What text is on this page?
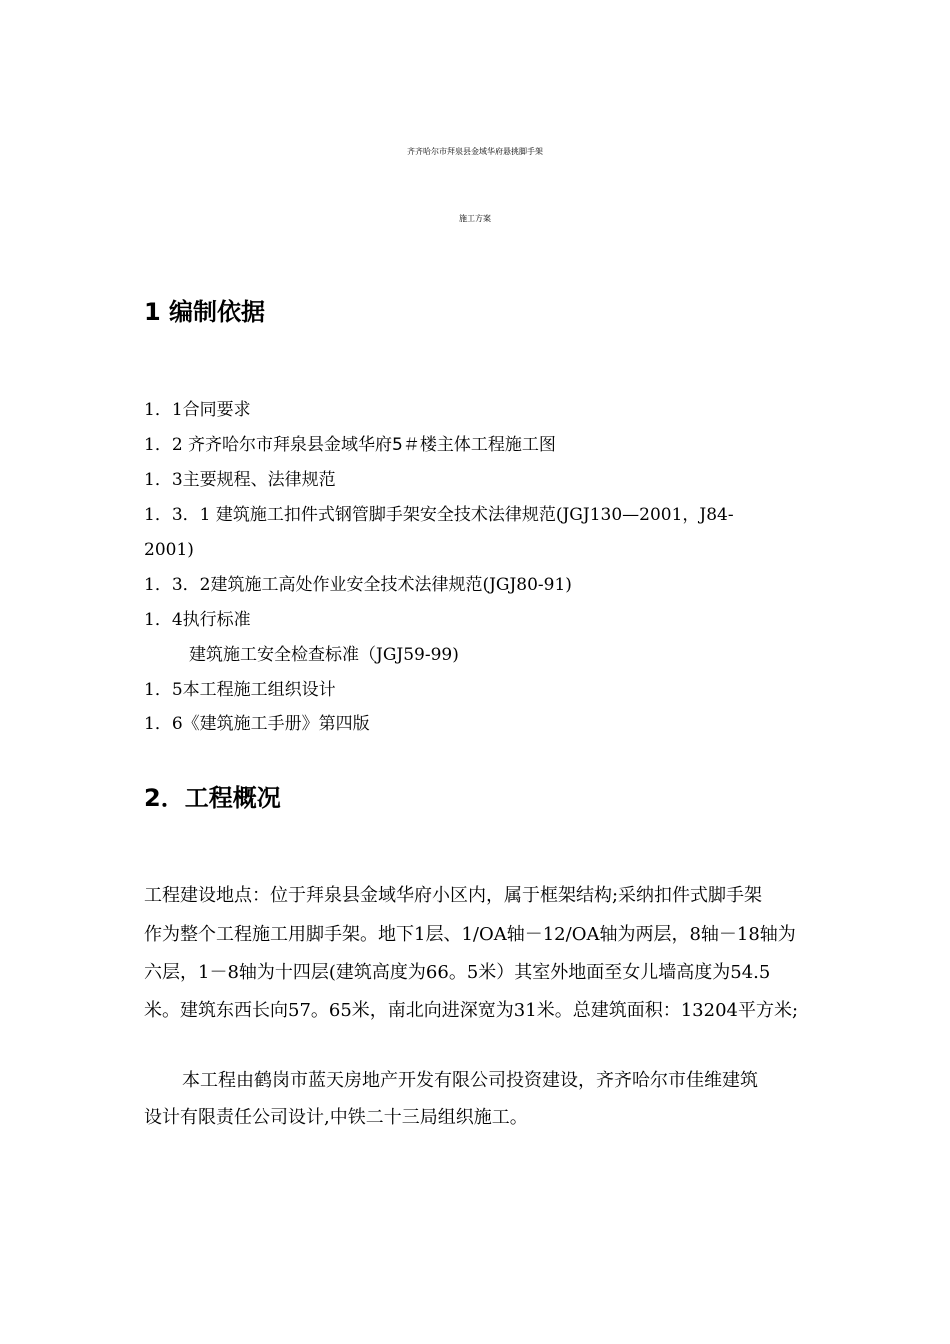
齐齐哈尔市拜泉县金域华府悬挑脚手架
施工方案
1 编制依据
1．1合同要求
1．2 齐齐哈尔市拜泉县金域华府5＃楼主体工程施工图
1．3主要规程、法律规范
1．3．1 建筑施工扣件式钢管脚手架安全技术法律规范(JGJ130—2001，J84-
2001)
1．3．2建筑施工高处作业安全技术法律规范(JGJ80-91)
1．4执行标准
建筑施工安全检查标准（JGJ59-99)
1．5本工程施工组织设计
1．6《建筑施工手册》第四版
2．工程概况
工程建设地点：位于拜泉县金域华府小区内，属于框架结构;采纳扣件式脚手架
作为整个工程施工用脚手架。地下1层、1/OA轴－12/OA轴为两层，8轴－18轴为
六层，1－8轴为十四层(建筑高度为66。5米）其室外地面至女儿墙高度为54.5
米。建筑东西长向57。65米，南北向进深宽为31米。总建筑面积：13204平方米;
本工程由鹤岗市蓝天房地产开发有限公司投资建设，齐齐哈尔市佳维建筑
设计有限责任公司设计,中铁二十三局组织施工。
